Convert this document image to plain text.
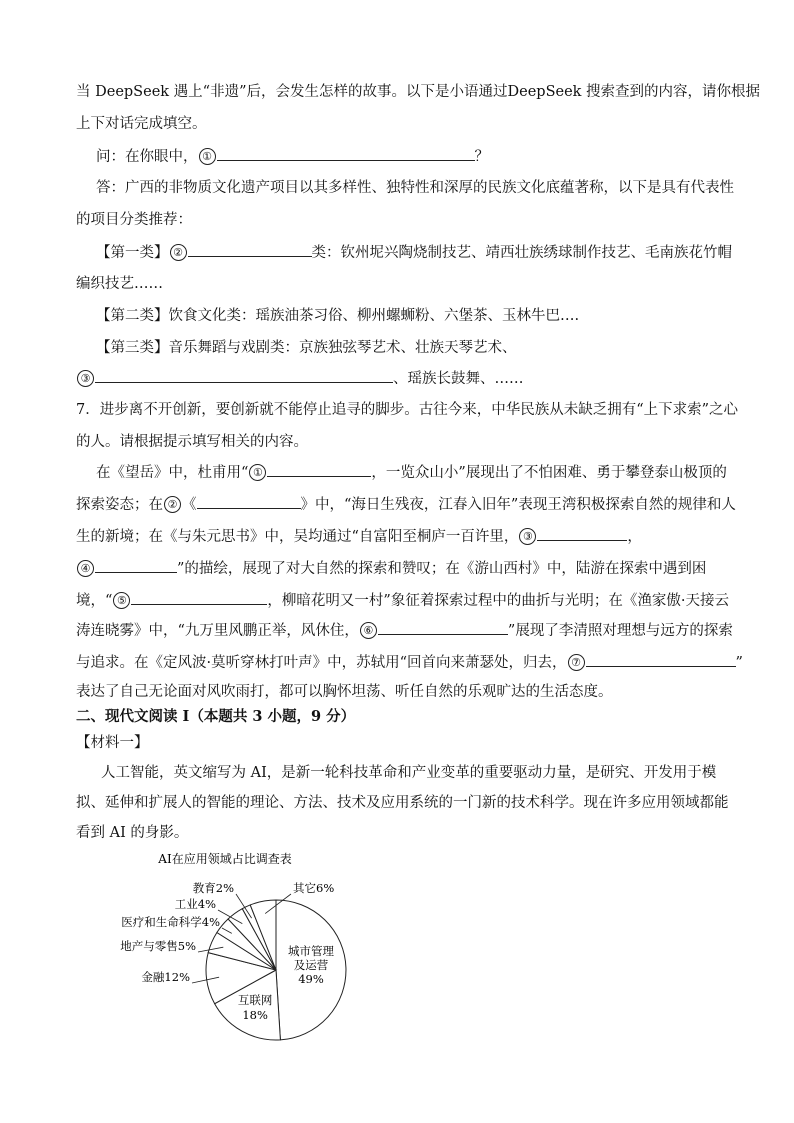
当 DeepSeek 遇上“非遗”后，会发生怎样的故事。以下是小语通过DeepSeek 搜索查到的内容，请你根据
上下对话完成填空。
问：在你眼中， ①	？
答：广西的非物质文化遗产项目以其多样性、独特性和深厚的民族文化底蕴著称，以下是具有代表性
的项目分类推荐：
【第一类】 ②	类：钦州坭兴陶烧制技艺、靖西壮族绣球制作技艺、毛南族花竹帽
编织技艺……
【第二类】饮食文化类：瑶族油茶习俗、柳州螺蛳粉、六堡茶、玉林牛巴….
【第三类】音乐舞蹈与戏剧类：京族独弦琴艺术、壮族天琴艺术、
③	、瑶族长鼓舞、……
7．进步离不开创新，要创新就不能停止追寻的脚步。古往今来，中华民族从未缺乏拥有“上下求索”之心
的人。请根据提示填写相关的内容。
在《望岳》中，杜甫用“ ①	，一览众山小”展现出了不怕困难、勇于攀登泰山极顶的
探索姿态；在 ② 《	》中，“海日生残夜，江春入旧年”表现王湾积极探索自然的规律和人
生的新境；在《与朱元思书》中，吴均通过“自富阳至桐庐一百许里， ③	，
④	”的描绘，展现了对大自然的探索和赞叹；在《游山西村》中，陆游在探索中遇到困
境，“ ⑤	，柳暗花明又一村”象征着探索过程中的曲折与光明；在《渔家傲·天接云
涛连晓雾》中，“九万里风鹏正举，风休住， ⑥	”展现了李清照对理想与远方的探索
与追求。在《定风波·莫听穿林打叶声》中，苏轼用“回首向来萧瑟处，归去， ⑦	”
表达了自己无论面对风吹雨打，都可以胸怀坦荡、听任自然的乐观旷达的生活态度。
二、现代文阅读 I（本题共 3 小题，9 分）
【材料一】
人工智能，英文缩写为 AI，是新一轮科技革命和产业变革的重要驱动力量，是研究、开发用于模
拟、延伸和扩展人的智能的理论、方法、技术及应用系统的一门新的技术科学。现在许多应用领域都能
看到 AI 的身影。
AI在应用领域占比调查表
城市管理
及运营
49%
互联网
18%
金融12%
地产与零售5%
医疗和生命科学4%
工业4%
教育2%	其它6%
